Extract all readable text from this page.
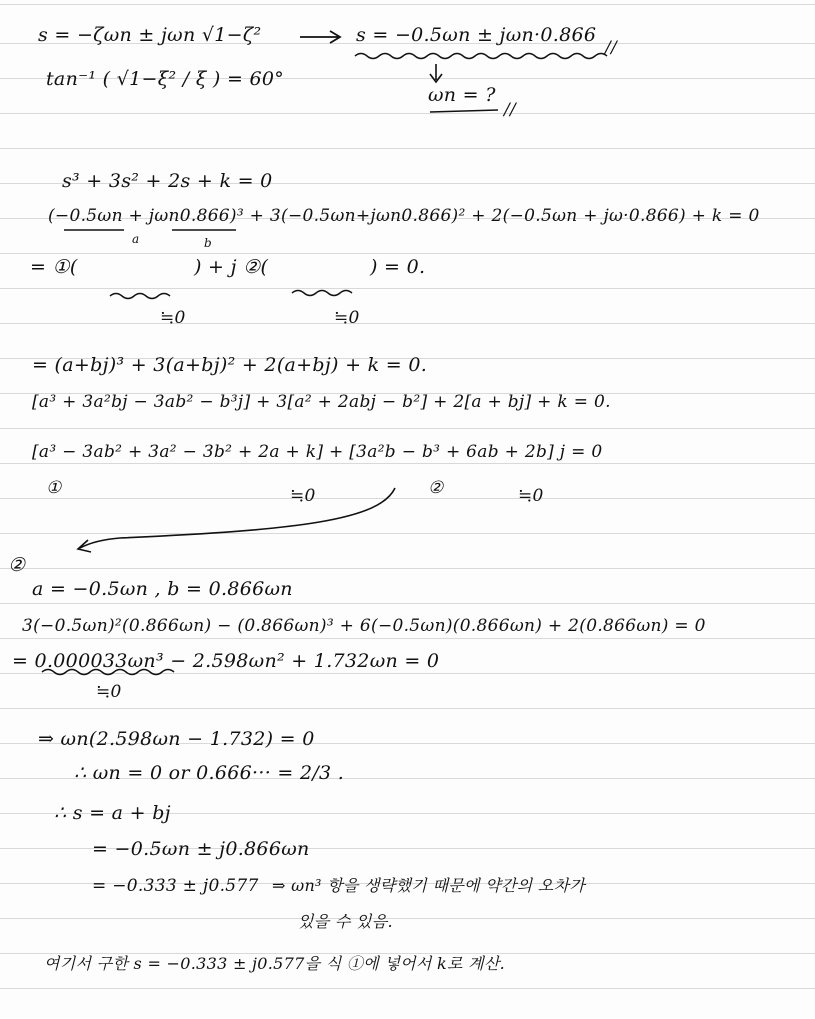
s = −ζωn ± jωn √1−ζ²	s = −0.5ωn ± jωn·0.866
//
tan⁻¹ ( √1−ξ² / ξ ) = 60°
ωn = ?
//
s³ + 3s² + 2s + k = 0
(−0.5ωn + jωn0.866)³ + 3(−0.5ωn+jωn0.866)² + 2(−0.5ωn + jω·0.866) + k = 0
a	b
= ①(	) + j ②(	) = 0.
≒0	≒0
= (a+bj)³ + 3(a+bj)² + 2(a+bj) + k = 0.
[a³ + 3a²bj − 3ab² − b³j] + 3[a² + 2abj − b²] + 2[a + bj] + k = 0.
[a³ − 3ab² + 3a² − 3b² + 2a + k] + [3a²b − b³ + 6ab + 2b] j = 0
①	≒0	②	≒0
②
a = −0.5ωn , b = 0.866ωn
3(−0.5ωn)²(0.866ωn) − (0.866ωn)³ + 6(−0.5ωn)(0.866ωn) + 2(0.866ωn) = 0
= 0.000033ωn³ − 2.598ωn² + 1.732ωn = 0
≒0
⇒ ωn(2.598ωn − 1.732) = 0
∴ ωn = 0 or 0.666··· = 2/3 .
∴ s = a + bj
= −0.5ωn ± j0.866ωn
= −0.333 ± j0.577 ⇒ ωn³ 항을 생략했기 때문에 약간의 오차가
있을 수 있음.
여기서 구한 s = −0.333 ± j0.577을 식 ①에 넣어서 k로 계산.
